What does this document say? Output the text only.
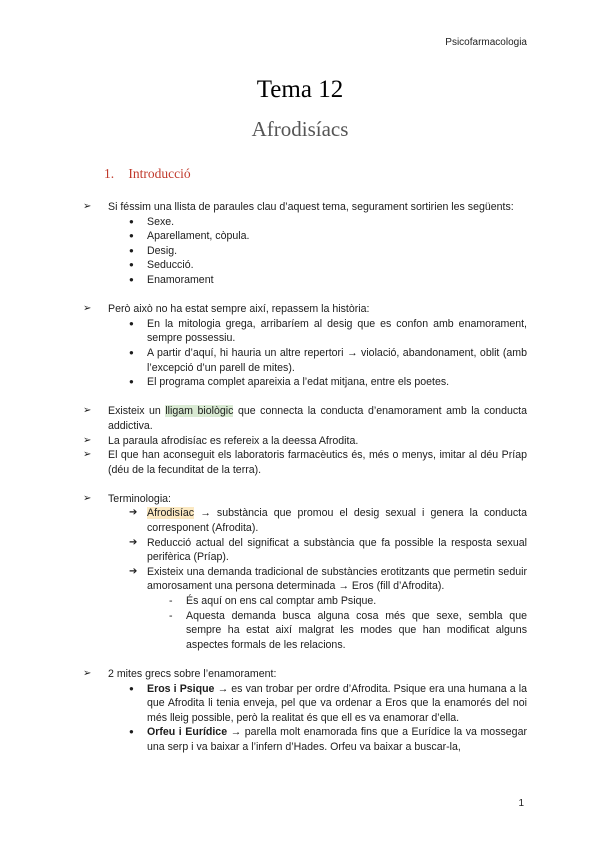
Psicofarmacologia
Tema 12
Afrodisíacs
1. Introducció
➢ Si féssim una llista de paraules clau d’aquest tema, segurament sortirien les següents:
● Sexe.
● Aparellament, còpula.
● Desig.
● Seducció.
● Enamorament
➢ Però això no ha estat sempre així, repassem la història:
● En la mitologia grega, arribaríem al desig que es confon amb enamorament, sempre possessiu.
● A partir d’aquí, hi hauria un altre repertori → violació, abandonament, oblit (amb l’excepció d’un parell de mites).
● El programa complet apareixia a l’edat mitjana, entre els poetes.
➢ Existeix un lligam biològic que connecta la conducta d’enamorament amb la conducta addictiva.
➢ La paraula afrodisíac es refereix a la deessa Afrodita.
➢ El que han aconseguit els laboratoris farmacèutics és, més o menys, imitar al déu Príap (déu de la fecunditat de la terra).
➢ Terminologia:
➔ Afrodisíac → substància que promou el desig sexual i genera la conducta corresponent (Afrodita).
➔ Reducció actual del significat a substància que fa possible la resposta sexual perifèrica (Príap).
➔ Existeix una demanda tradicional de substàncies erotitzants que permetin seduir amorosament una persona determinada → Eros (fill d’Afrodita).
- És aquí on ens cal comptar amb Psique.
- Aquesta demanda busca alguna cosa més que sexe, sembla que sempre ha estat així malgrat les modes que han modificat alguns aspectes formals de les relacions.
➢ 2 mites grecs sobre l’enamorament:
● Eros i Psique → es van trobar per ordre d’Afrodita. Psique era una humana a la que Afrodita li tenia enveja, pel que va ordenar a Eros que la enamorés del noi més lleig possible, però la realitat és que ell es va enamorar d’ella.
● Orfeu i Eurídice → parella molt enamorada fins que a Eurídice la va mossegar una serp i va baixar a l’infern d’Hades. Orfeu va baixar a buscar-la,
1
